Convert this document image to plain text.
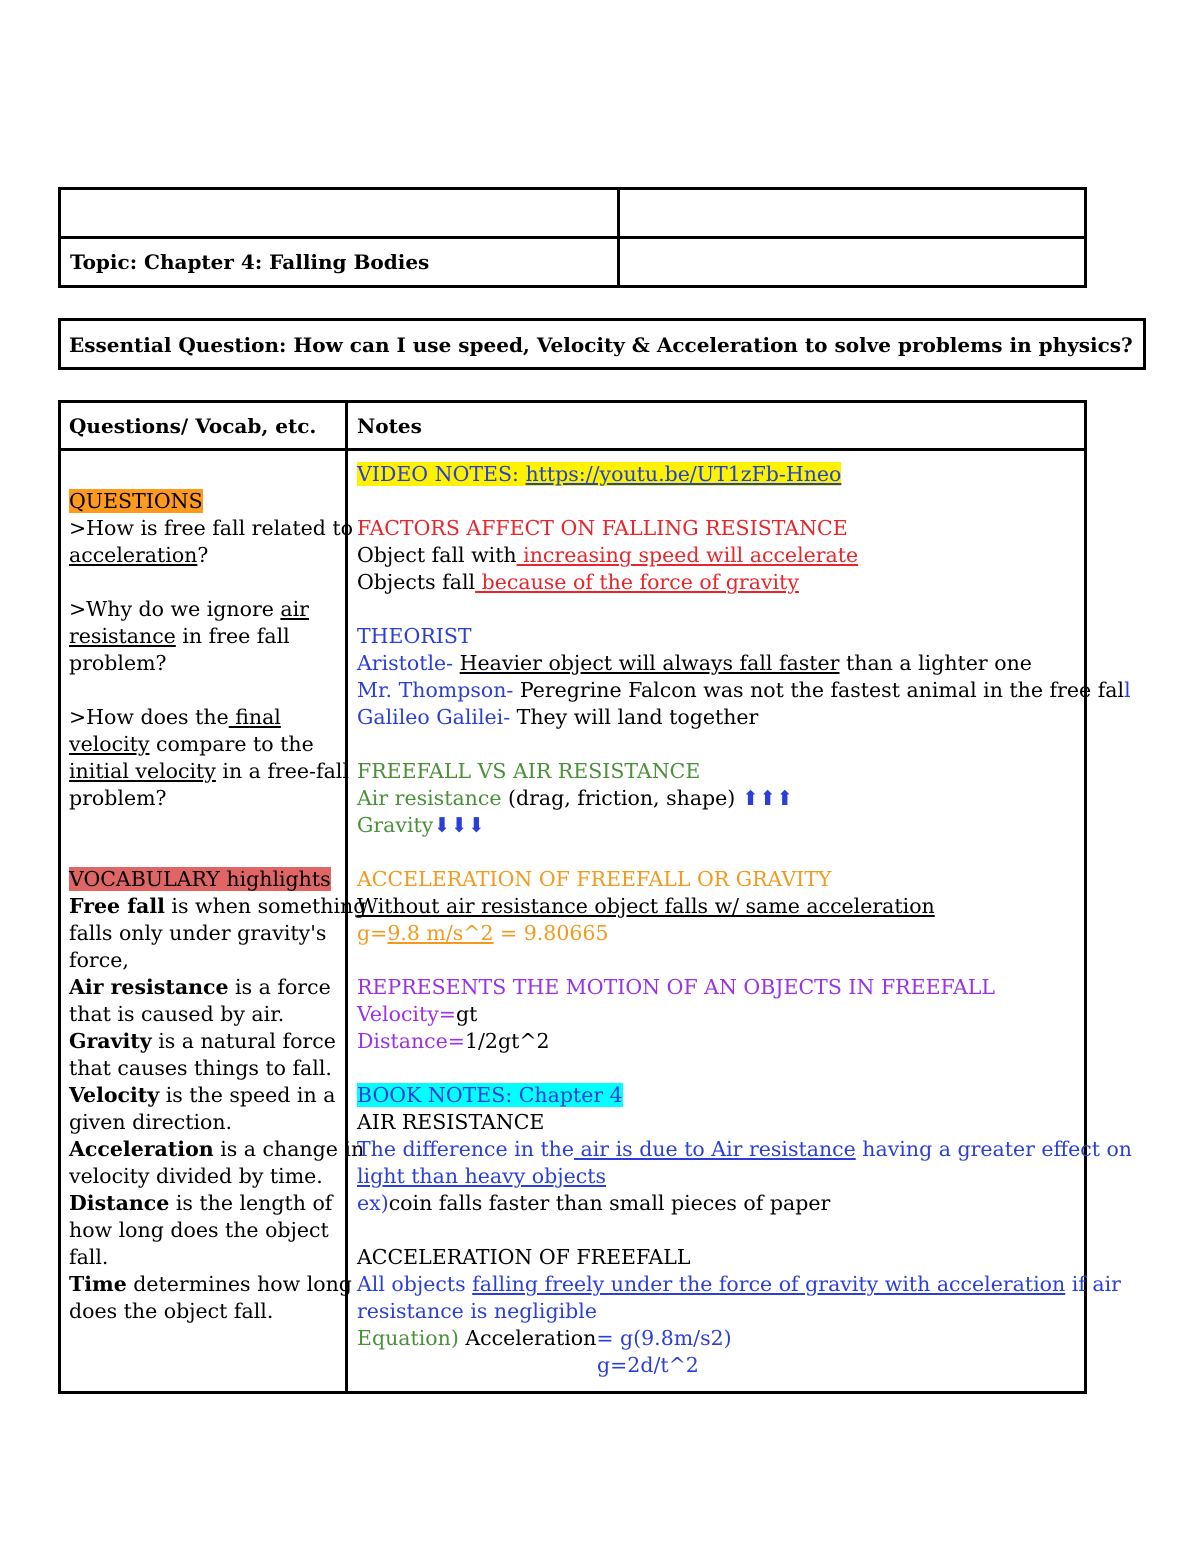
Topic: Chapter 4: Falling Bodies
Essential Question: How can I use speed, Velocity & Acceleration to solve problems in physics?
Questions/ Vocab, etc. Notes
QUESTIONS
>How is free fall related to
acceleration?
>Why do we ignore air
resistance in free fall
problem?
>How does the final
velocity compare to the
initial velocity in a free-fall
problem?
VOCABULARY highlights
Free fall is when something
falls only under gravity's
force,
Air resistance is a force
that is caused by air.
Gravity is a natural force
that causes things to fall.
Velocity is the speed in a
given direction.
Acceleration is a change in
velocity divided by time.
Distance is the length of
how long does the object
fall.
Time determines how long
does the object fall.
VIDEO NOTES: https://youtu.be/UT1zFb-Hneo
FACTORS AFFECT ON FALLING RESISTANCE
Object fall with increasing speed will accelerate
Objects fall because of the force of gravity
THEORIST
Aristotle- Heavier object will always fall faster than a lighter one
Mr. Thompson- Peregrine Falcon was not the fastest animal in the free fall
Galileo Galilei- They will land together
FREEFALL VS AIR RESISTANCE
Air resistance (drag, friction, shape) ⬆⬆⬆
Gravity⬇⬇⬇
ACCELERATION OF FREEFALL OR GRAVITY
Without air resistance object falls w/ same acceleration
g=9.8 m/s^2 = 9.80665
REPRESENTS THE MOTION OF AN OBJECTS IN FREEFALL
Velocity=gt
Distance=1/2gt^2
BOOK NOTES: Chapter 4
AIR RESISTANCE
The difference in the air is due to Air resistance having a greater effect on
light than heavy objects
ex)coin falls faster than small pieces of paper
ACCELERATION OF FREEFALL
All objects falling freely under the force of gravity with acceleration if air
resistance is negligible
Equation) Acceleration= g(9.8m/s2)
g=2d/t^2
